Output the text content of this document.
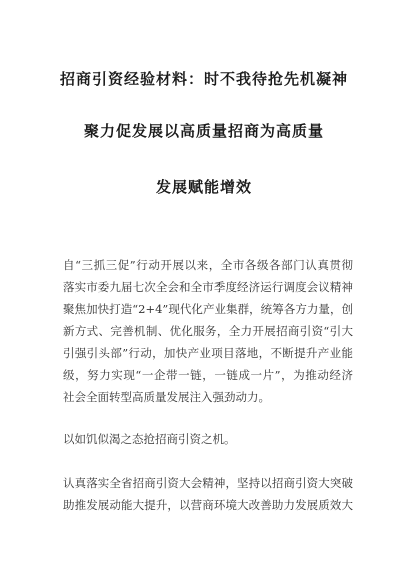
招商引资经验材料：时不我待抢先机凝神
聚力促发展以高质量招商为高质量
发展赋能增效
自“三抓三促”行动开展以来，全市各级各部门认真贯彻
落实市委九届七次全会和全市季度经济运行调度会议精神
聚焦加快打造“2+4”现代化产业集群，统筹各方力量，创
新方式、完善机制、优化服务，全力开展招商引资“引大
引强引头部”行动，加快产业项目落地，不断提升产业能
级，努力实现“一企带一链，一链成一片”，为推动经济
社会全面转型高质量发展注入强劲动力。
以如饥似渴之态抢招商引资之机。
认真落实全省招商引资大会精神，坚持以招商引资大突破
助推发展动能大提升，以营商环境大改善助力发展质效大
